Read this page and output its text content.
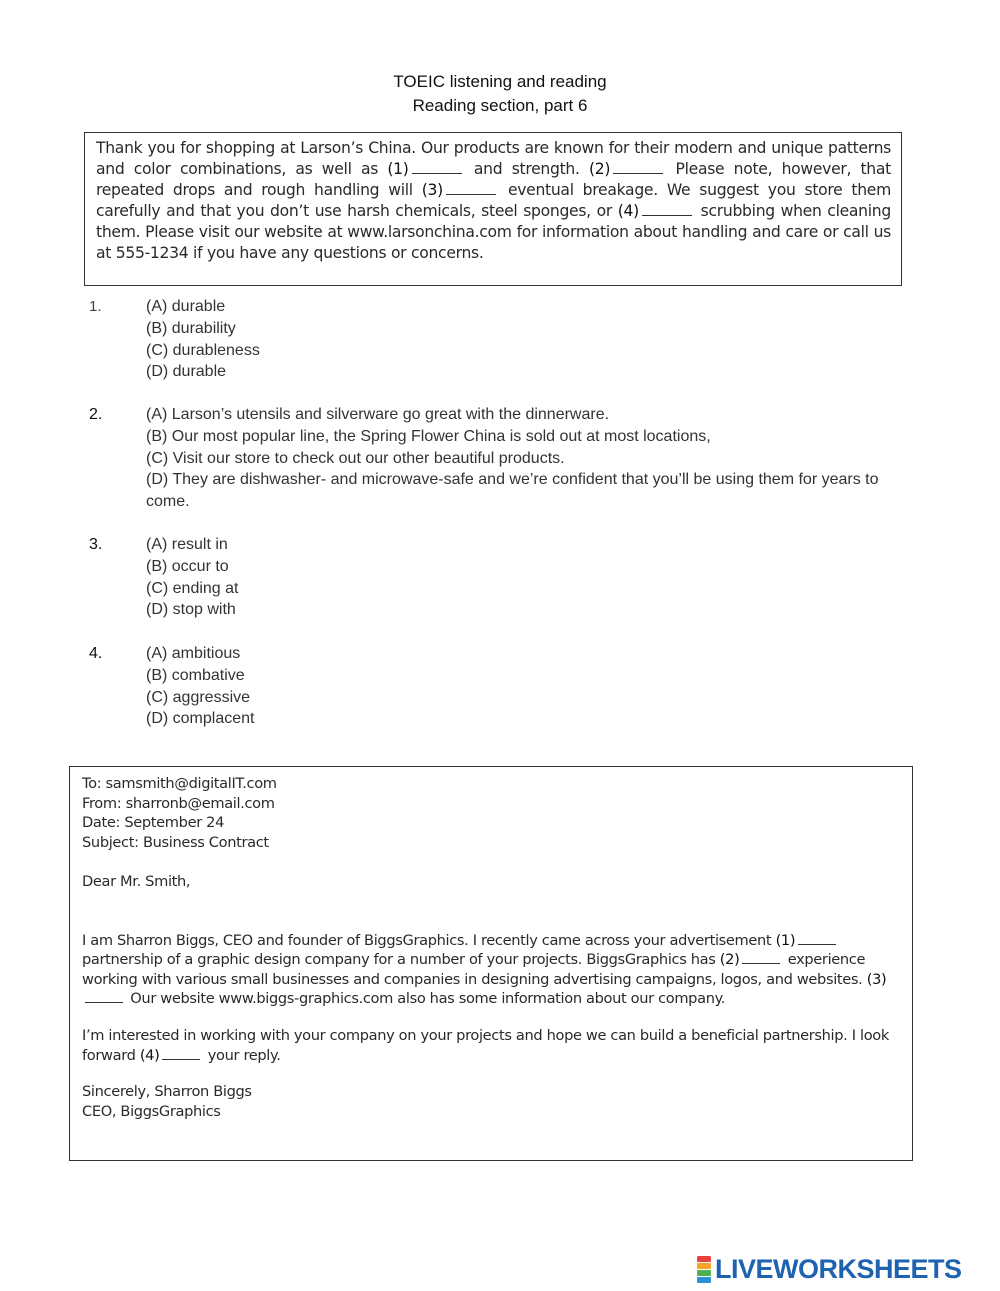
TOEIC listening and reading
Reading section, part 6
Thank you for shopping at Larson’s China. Our products are known for their modern and unique patterns and color combinations, as well as (1)	and strength. (2)	Please note, however, that repeated drops and rough handling will (3)	eventual breakage. We suggest you store them carefully and that you don’t use harsh chemicals, steel sponges, or (4)	scrubbing when cleaning them. Please visit our website at www.larsonchina.com for information about handling and care or call us at 555-1234 if you have any questions or concerns.
1.	(A) durable
(B) durability
(C) durableness
(D) durable
2.	(A) Larson’s utensils and silverware go great with the dinnerware.
(B) Our most popular line, the Spring Flower China is sold out at most locations,
(C) Visit our store to check out our other beautiful products.
(D) They are dishwasher- and microwave-safe and we’re confident that you’ll be using them for years to come.
3.	(A) result in
(B) occur to
(C) ending at
(D) stop with
4.	(A) ambitious
(B) combative
(C) aggressive
(D) complacent
To: samsmith@digitalIT.com
From: sharronb@email.com
Date: September 24
Subject: Business Contract
Dear Mr. Smith,
I am Sharron Biggs, CEO and founder of BiggsGraphics. I recently came across your advertisement (1) partnership of a graphic design company for a number of your projects. BiggsGraphics has (2)	experience working with various small businesses and companies in designing advertising campaigns, logos, and websites. (3) Our website www.biggs-graphics.com also has some information about our company.
I’m interested in working with your company on your projects and hope we can build a beneficial partnership. I look forward (4)	your reply.
Sincerely, Sharron Biggs
CEO, BiggsGraphics
LIVEWORKSHEETS
